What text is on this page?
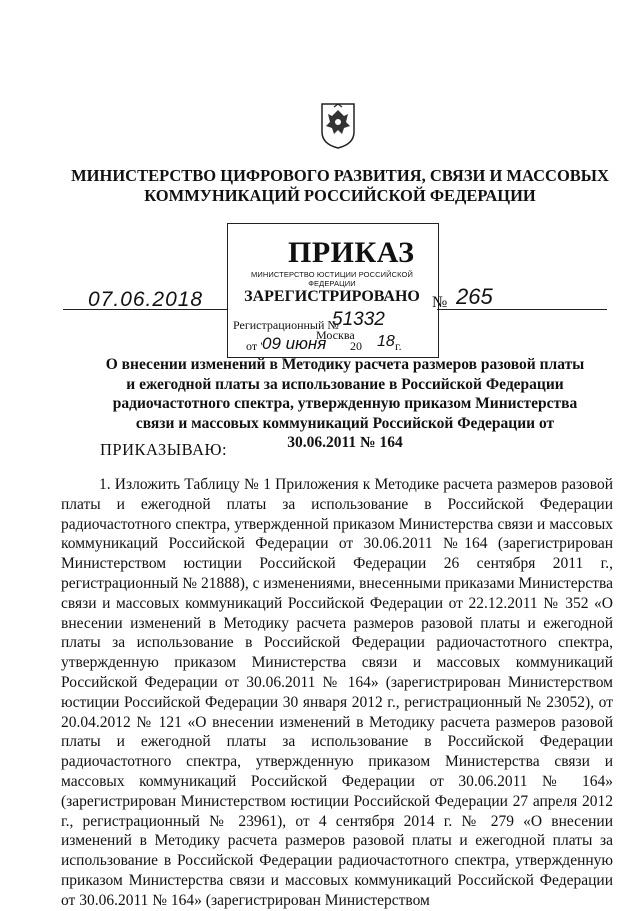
МИНИСТЕРСТВО ЦИФРОВОГО РАЗВИТИЯ, СВЯЗИ И МАССОВЫХ КОММУНИКАЦИЙ РОССИЙСКОЙ ФЕДЕРАЦИИ
ПРИКАЗ
МИНИСТЕРСТВО ЮСТИЦИИ РОССИЙСКОЙ ФЕДЕРАЦИИ
ЗАРЕГИСТРИРОВАНО
Регистрационный №
51332
Москва
от "
09 июня 20 18 г.
07.06.2018	№ 265
О внесении изменений в Методику расчета размеров разовой платы и ежегодной платы за использование в Российской Федерации радиочастотного спектра, утвержденную приказом Министерства связи и массовых коммуникаций Российской Федерации от 30.06.2011 № 164
ПРИКАЗЫВАЮ:
1. Изложить Таблицу № 1 Приложения к Методике расчета размеров разовой платы и ежегодной платы за использование в Российской Федерации радиочастотного спектра, утвержденной приказом Министерства связи и массовых коммуникаций Российской Федерации от 30.06.2011 №164 (зарегистрирован Министерством юстиции Российской Федерации 26 сентября 2011 г., регистрационный № 21888), с изменениями, внесенными приказами Министерства связи и массовых коммуникаций Российской Федерации от 22.12.2011 № 352 «О внесении изменений в Методику расчета размеров разовой платы и ежегодной платы за использование в Российской Федерации радиочастотного спектра, утвержденную приказом Министерства связи и массовых коммуникаций Российской Федерации от 30.06.2011 № 164» (зарегистрирован Министерством юстиции Российской Федерации 30 января 2012 г., регистрационный № 23052), от 20.04.2012 № 121 «О внесении изменений в Методику расчета размеров разовой платы и ежегодной платы за использование в Российской Федерации радиочастотного спектра, утвержденную приказом Министерства связи и массовых коммуникаций Российской Федерации от 30.06.2011 № 164» (зарегистрирован Министерством юстиции Российской Федерации 27 апреля 2012 г., регистрационный № 23961), от 4 сентября 2014 г. № 279 «О внесении изменений в Методику расчета размеров разовой платы и ежегодной платы за использование в Российской Федерации радиочастотного спектра, утвержденную приказом Министерства связи и массовых коммуникаций Российской Федерации от 30.06.2011 № 164» (зарегистрирован Министерством
